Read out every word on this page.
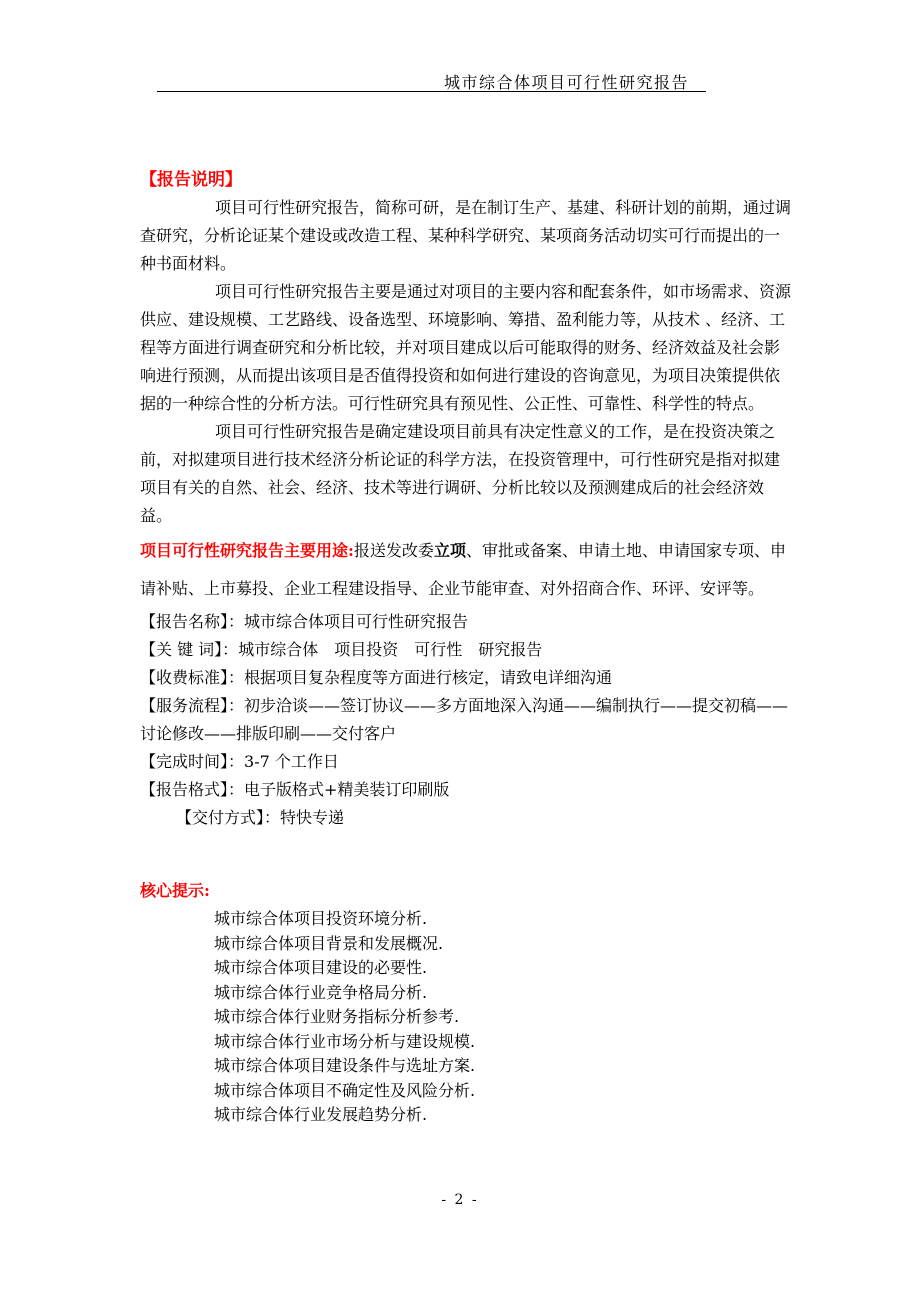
城市综合体项目可行性研究报告
【报告说明】

项目可行性研究报告，简称可研，是在制订生产、基建、科研计划的前期，通过调查研究，分析论证某个建设或改造工程、某种科学研究、某项商务活动切实可行而提出的一种书面材料。

项目可行性研究报告主要是通过对项目的主要内容和配套条件，如市场需求、资源供应、建设规模、工艺路线、设备选型、环境影响、筹措、盈利能力等，从技术 、经济、工程等方面进行调查研究和分析比较，并对项目建成以后可能取得的财务、经济效益及社会影响进行预测，从而提出该项目是否值得投资和如何进行建设的咨询意见，为项目决策提供依据的一种综合性的分析方法。可行性研究具有预见性、公正性、可靠性、科学性的特点。

项目可行性研究报告是确定建设项目前具有决定性意义的工作，是在投资决策之前，对拟建项目进行技术经济分析论证的科学方法，在投资管理中，可行性研究是指对拟建项目有关的自然、社会、经济、技术等进行调研、分析比较以及预测建成后的社会经济效益。

项目可行性研究报告主要用途:报送发改委立项、审批或备案、申请土地、申请国家专项、申请补贴、上市募投、企业工程建设指导、企业节能审查、对外招商合作、环评、安评等。
【报告名称】：城市综合体项目可行性研究报告
【关 键 词】：城市综合体　项目投资　可行性　研究报告
【收费标准】：根据项目复杂程度等方面进行核定，请致电详细沟通
【服务流程】：初步洽谈——签订协议——多方面地深入沟通——编制执行——提交初稿——讨论修改——排版印刷——交付客户
【完成时间】：3-7 个工作日
【报告格式】：电子版格式+精美装订印刷版
【交付方式】：特快专递
核心提示:
城市综合体项目投资环境分析.
城市综合体项目背景和发展概况.
城市综合体项目建设的必要性.
城市综合体行业竞争格局分析.
城市综合体行业财务指标分析参考.
城市综合体行业市场分析与建设规模.
城市综合体项目建设条件与选址方案.
城市综合体项目不确定性及风险分析.
城市综合体行业发展趋势分析.
- 2 -
